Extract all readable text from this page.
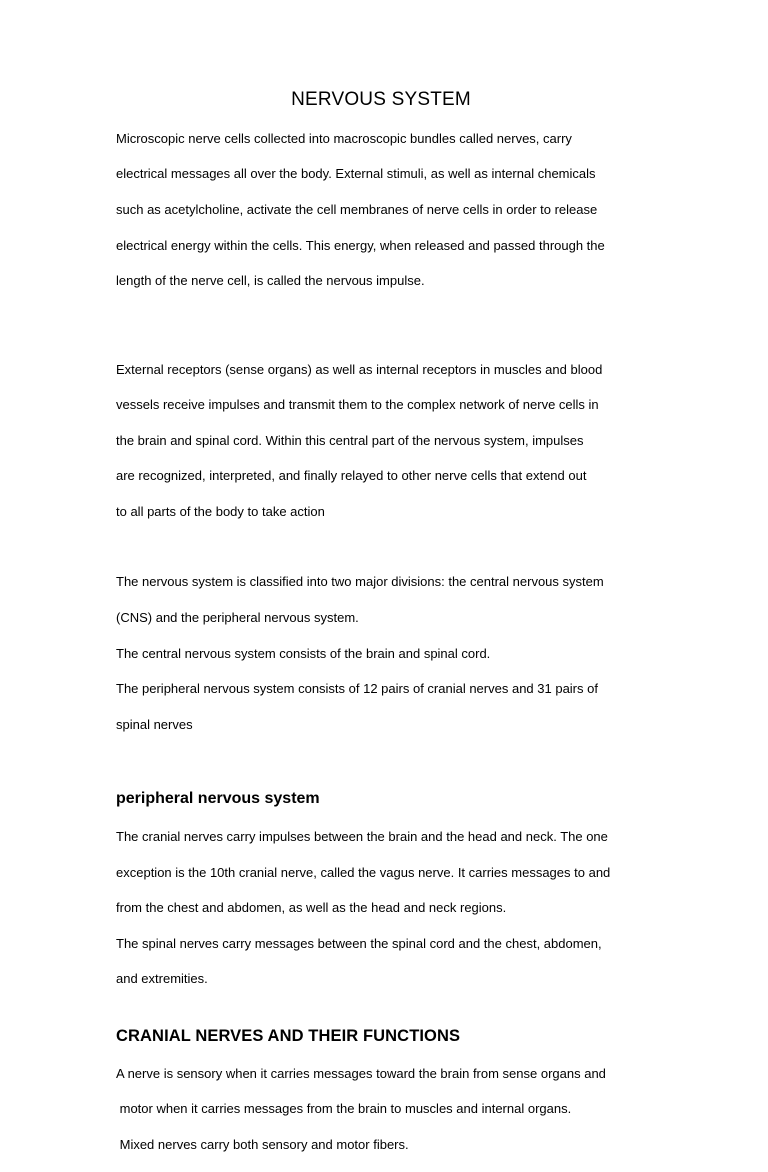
NERVOUS SYSTEM

Microscopic nerve cells collected into macroscopic bundles called nerves, carry

electrical messages all over the body. External stimuli, as well as internal chemicals

such as acetylcholine, activate the cell membranes of nerve cells in order to release

electrical energy within the cells. This energy, when released and passed through the

length of the nerve cell, is called the nervous impulse.

External receptors (sense organs) as well as internal receptors in muscles and blood

vessels receive impulses and transmit them to the complex network of nerve cells in

the brain and spinal cord. Within this central part of the nervous system, impulses

are recognized, interpreted, and finally relayed to other nerve cells that extend out

to all parts of the body to take action

The nervous system is classified into two major divisions: the central nervous system

(CNS) and the peripheral nervous system.

The central nervous system consists of the brain and spinal cord.

The peripheral nervous system consists of 12 pairs of cranial nerves and 31 pairs of

spinal nerves

peripheral nervous system

The cranial nerves carry impulses between the brain and the head and neck. The one

exception is the 10th cranial nerve, called the vagus nerve. It carries messages to and

from the chest and abdomen, as well as the head and neck regions.

The spinal nerves carry messages between the spinal cord and the chest, abdomen,

and extremities.

CRANIAL NERVES AND THEIR FUNCTIONS

A nerve is sensory when it carries messages toward the brain from sense organs and

motor when it carries messages from the brain to muscles and internal organs.

Mixed nerves carry both sensory and motor fibers.
